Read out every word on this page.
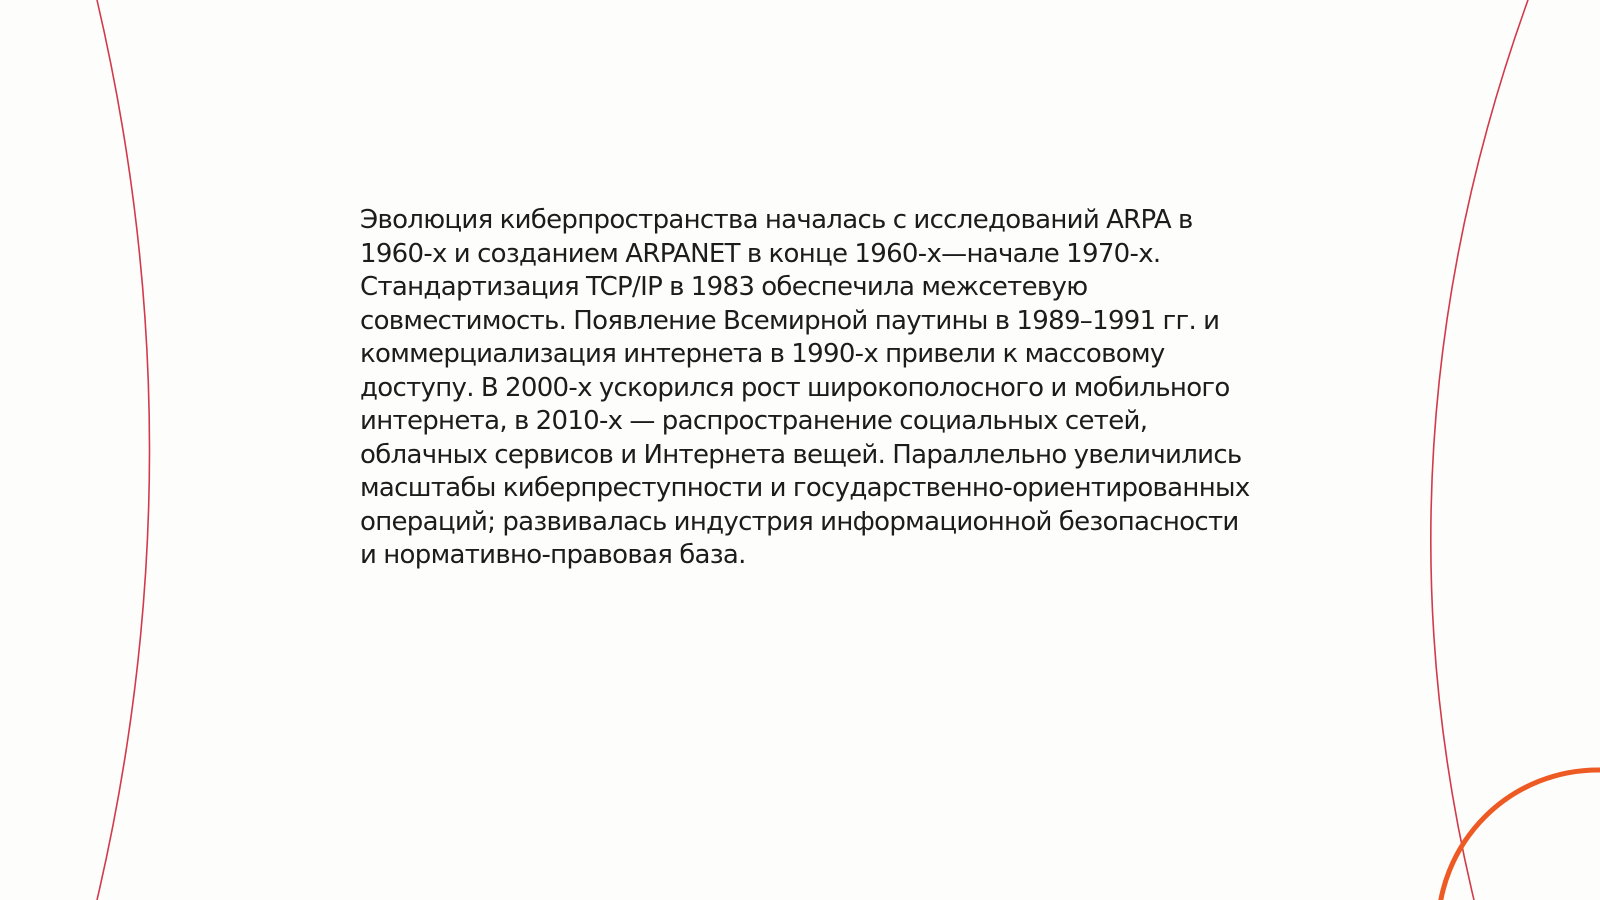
Эволюция киберпространства началась с исследований ARPA в 1960-х и созданием ARPANET в конце 1960-х—начале 1970-х. Стандартизация TCP/IP в 1983 обеспечила межсетевую совместимость. Появление Всемирной паутины в 1989–1991 гг. и коммерциализация интернета в 1990-х привели к массовому доступу. В 2000-х ускорился рост широкополосного и мобильного интернета, в 2010-х — распространение социальных сетей, облачных сервисов и Интернета вещей. Параллельно увеличились масштабы киберпреступности и государственно-ориентированных операций; развивалась индустрия информационной безопасности и нормативно-правовая база.
